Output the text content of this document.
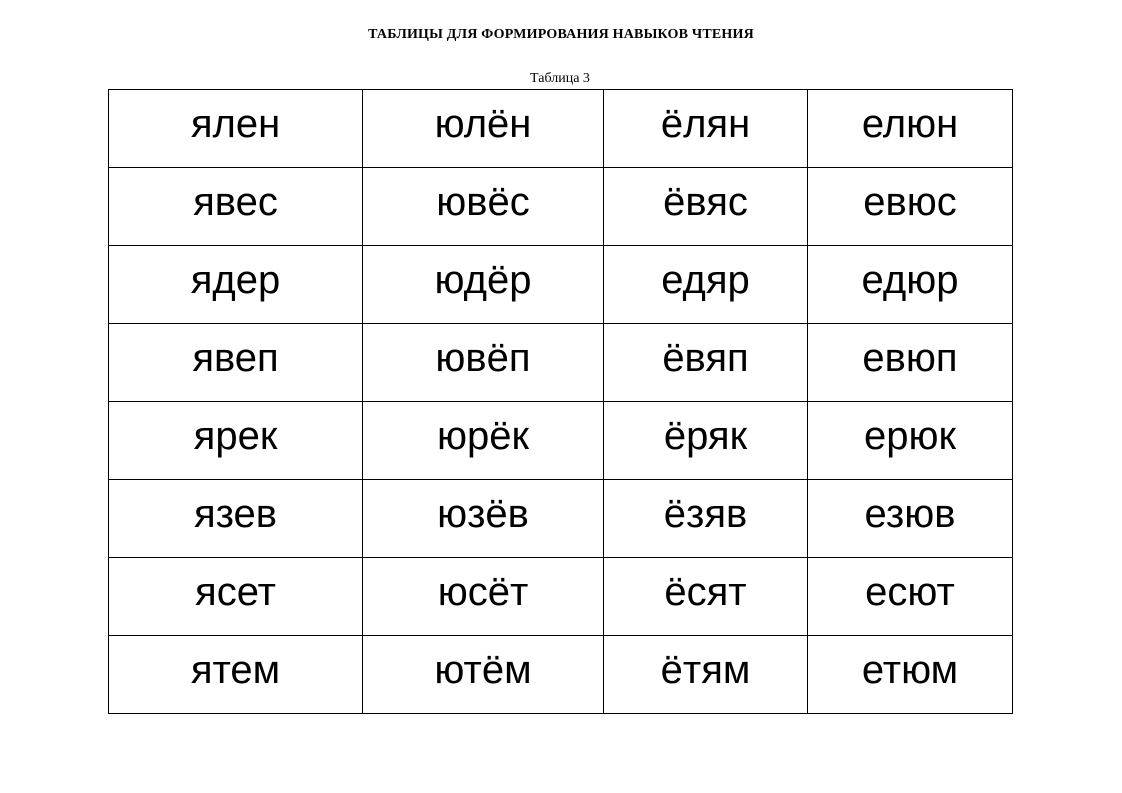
ТАБЛИЦЫ ДЛЯ ФОРМИРОВАНИЯ НАВЫКОВ ЧТЕНИЯ

Таблица 3

ялен	юлён	ёлян	елюн
явес	ювёс	ёвяс	евюс
ядер	юдёр	едяр	едюр
явеп	ювёп	ёвяп	евюп
ярек	юрёк	ёряк	ерюк
язев	юзёв	ёзяв	езюв
ясет	юсёт	ёсят	есют
ятем	ютём	ётям	етюм
